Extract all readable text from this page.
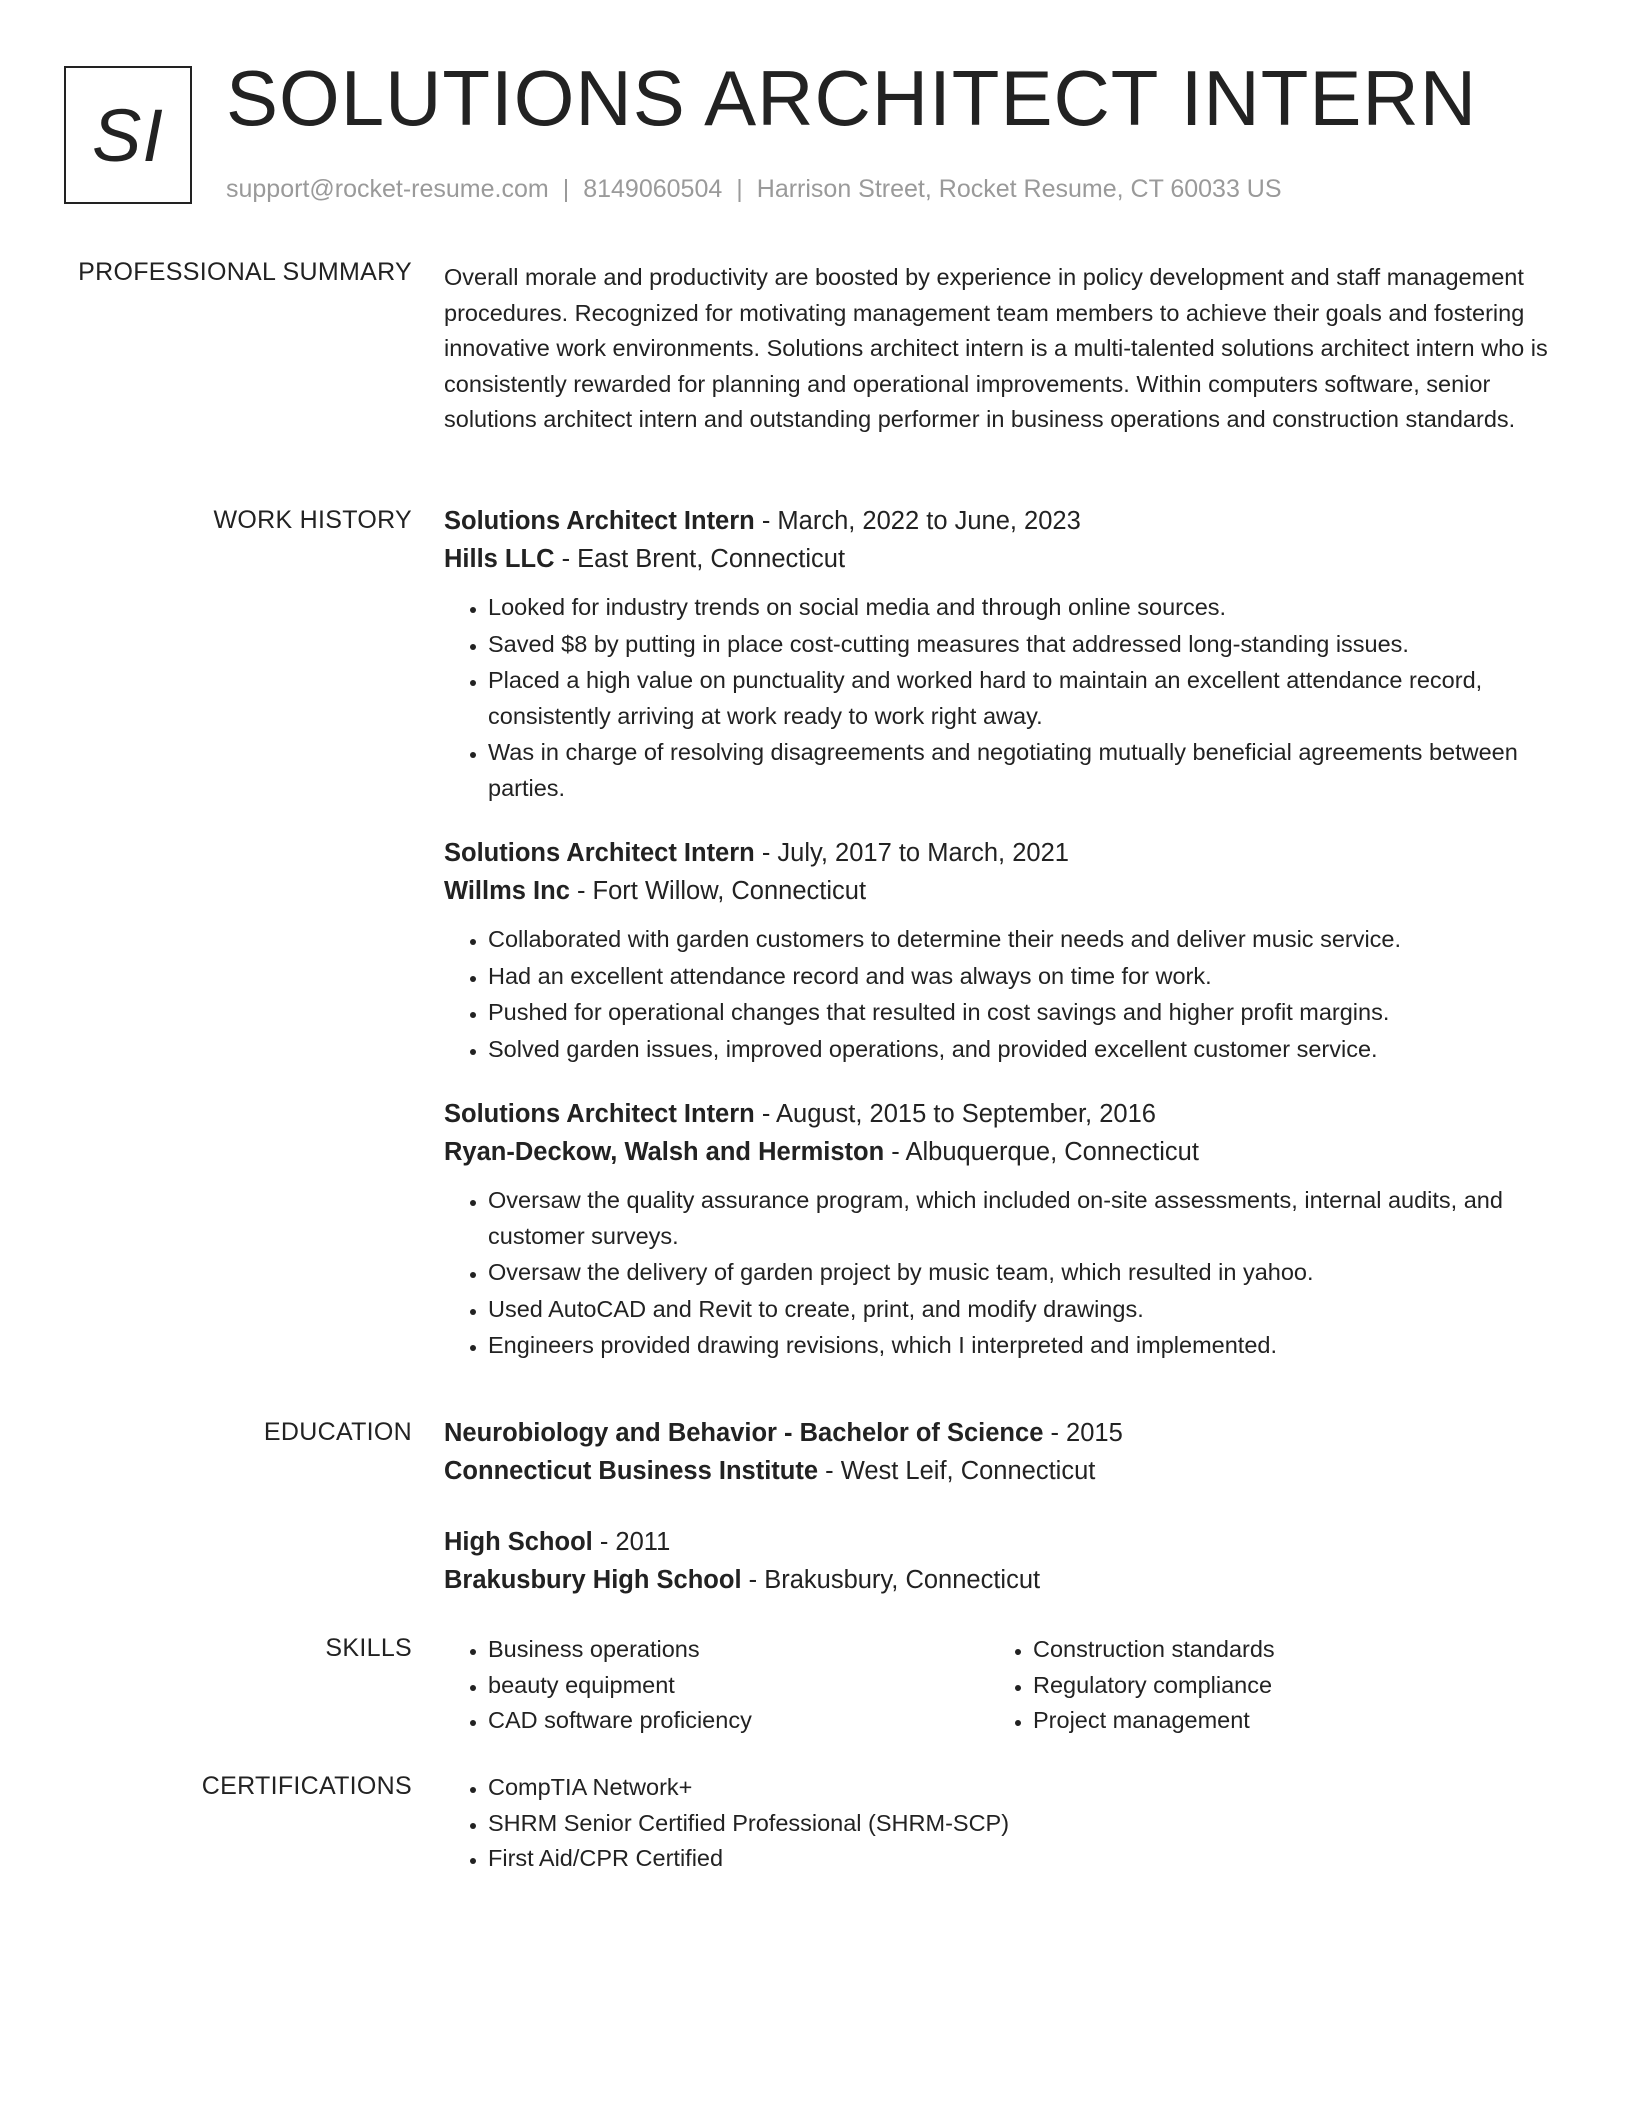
SI SOLUTIONS ARCHITECT INTERN
support@rocket-resume.com | 8149060504 | Harrison Street, Rocket Resume, CT 60033 US
PROFESSIONAL SUMMARY Overall morale and productivity are boosted by experience in policy development and staff management procedures. Recognized for motivating management team members to achieve their goals and fostering innovative work environments. Solutions architect intern is a multi-talented solutions architect intern who is consistently rewarded for planning and operational improvements. Within computers software, senior solutions architect intern and outstanding performer in business operations and construction standards.

WORK HISTORY Solutions Architect Intern - March, 2022 to June, 2023
Hills LLC - East Brent, Connecticut
• Looked for industry trends on social media and through online sources.
• Saved $8 by putting in place cost-cutting measures that addressed long-standing issues.
• Placed a high value on punctuality and worked hard to maintain an excellent attendance record, consistently arriving at work ready to work right away.
• Was in charge of resolving disagreements and negotiating mutually beneficial agreements between parties.
Solutions Architect Intern - July, 2017 to March, 2021
Willms Inc - Fort Willow, Connecticut
• Collaborated with garden customers to determine their needs and deliver music service.
• Had an excellent attendance record and was always on time for work.
• Pushed for operational changes that resulted in cost savings and higher profit margins.
• Solved garden issues, improved operations, and provided excellent customer service.
Solutions Architect Intern - August, 2015 to September, 2016
Ryan-Deckow, Walsh and Hermiston - Albuquerque, Connecticut
• Oversaw the quality assurance program, which included on-site assessments, internal audits, and customer surveys.
• Oversaw the delivery of garden project by music team, which resulted in yahoo.
• Used AutoCAD and Revit to create, print, and modify drawings.
• Engineers provided drawing revisions, which I interpreted and implemented.
EDUCATION Neurobiology and Behavior - Bachelor of Science - 2015
Connecticut Business Institute - West Leif, Connecticut
High School - 2011
Brakusbury High School - Brakusbury, Connecticut
SKILLS	• Business operations
• beauty equipment
• CAD software proficiency
• Construction standards
• Regulatory compliance
• Project management
CERTIFICATIONS	• CompTIA Network+
• SHRM Senior Certified Professional (SHRM-SCP)
• First Aid/CPR Certified
